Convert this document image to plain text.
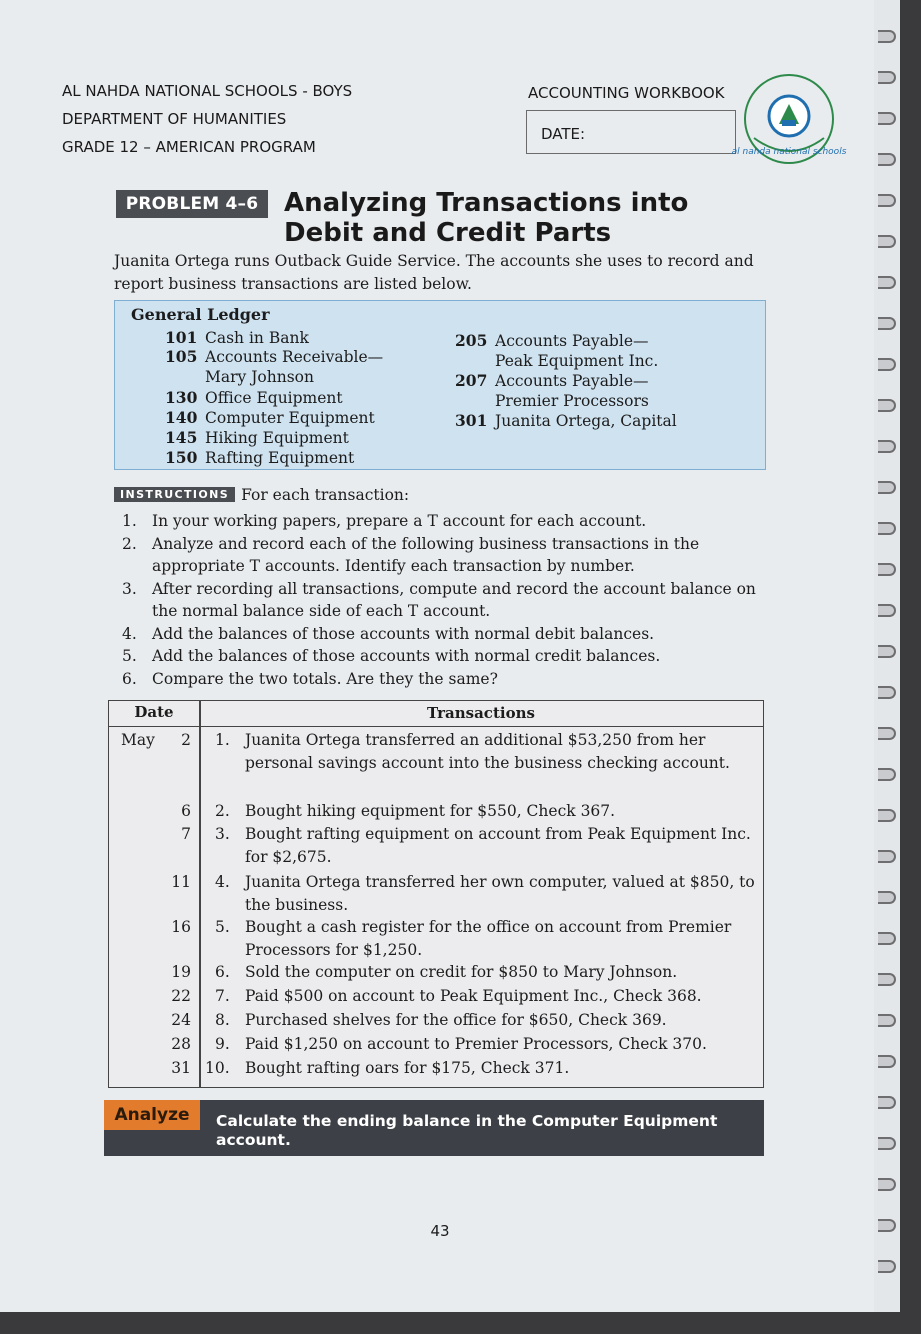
AL NAHDA NATIONAL SCHOOLS - BOYS
DEPARTMENT OF HUMANITIES
GRADE 12 – AMERICAN PROGRAM
ACCOUNTING WORKBOOK
DATE:
al nahda national schools
PROBLEM 4–6 Analyzing Transactions into
Debit and Credit Parts
Juanita Ortega runs Outback Guide Service. The accounts she uses to record and report business transactions are listed below.
General Ledger
101 Cash in Bank
105 Accounts Receivable—
Mary Johnson
130 Office Equipment
140 Computer Equipment
145 Hiking Equipment
150 Rafting Equipment
205 Accounts Payable—
Peak Equipment Inc.
207 Accounts Payable—
Premier Processors
301 Juanita Ortega, Capital
INSTRUCTIONS For each transaction:
1. In your working papers, prepare a T account for each account.
2. Analyze and record each of the following business transactions in the appropriate T accounts. Identify each transaction by number.
3. After recording all transactions, compute and record the account balance on the normal balance side of each T account.
4. Add the balances of those accounts with normal debit balances.
5. Add the balances of those accounts with normal credit balances.
6. Compare the two totals. Are they the same?
Date	Transactions
May	2 1. Juanita Ortega transferred an additional $53,250 from her personal savings account into the business checking account.
6 2. Bought hiking equipment for $550, Check 367.
7 3. Bought rafting equipment on account from Peak Equipment Inc. for $2,675.
11 4. Juanita Ortega transferred her own computer, valued at $850, to the business.
16 5. Bought a cash register for the office on account from Premier Processors for $1,250.
19 6. Sold the computer on credit for $850 to Mary Johnson.
22 7. Paid $500 on account to Peak Equipment Inc., Check 368.
24 8. Purchased shelves for the office for $650, Check 369.
28 9. Paid $1,250 on account to Premier Processors, Check 370.
31 10. Bought rafting oars for $175, Check 371.
Analyze	Calculate the ending balance in the Computer Equipment account.
43
